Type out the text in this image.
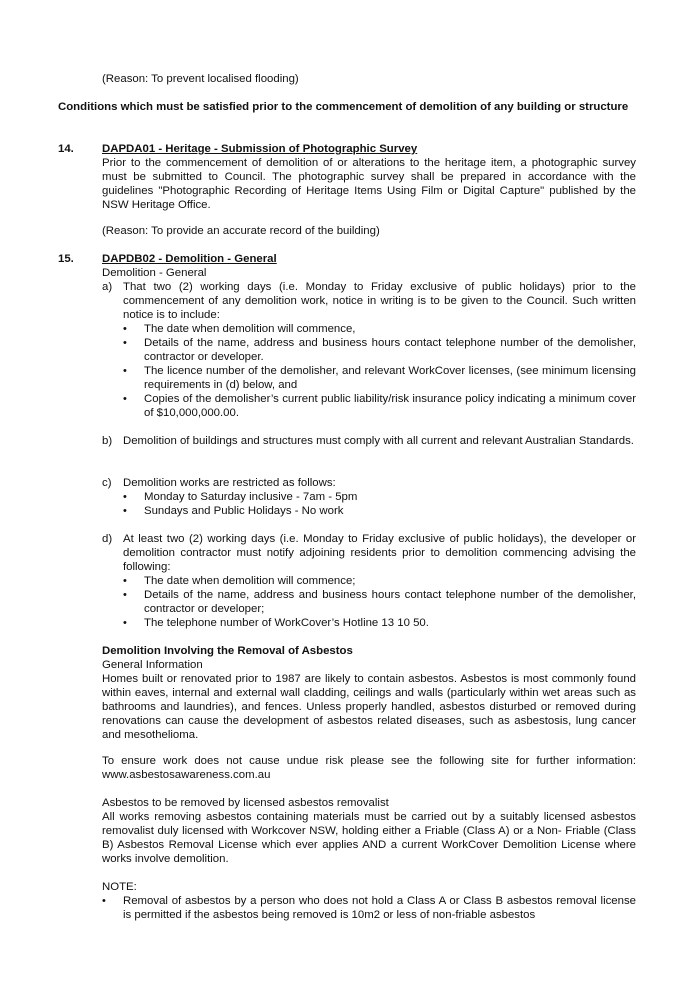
(Reason: To prevent localised flooding)

Conditions which must be satisfied prior to the commencement of demolition of any building or structure

14. DAPDA01 - Heritage - Submission of Photographic Survey

Prior to the commencement of demolition of or alterations to the heritage item, a photographic survey must be submitted to Council. The photographic survey shall be prepared in accordance with the guidelines "Photographic Recording of Heritage Items Using Film or Digital Capture" published by the NSW Heritage Office.

(Reason: To provide an accurate record of the building)

15. DAPDB02 - Demolition - General

Demolition - General

a) That two (2) working days (i.e. Monday to Friday exclusive of public holidays) prior to the commencement of any demolition work, notice in writing is to be given to the Council. Such written notice is to include:

• The date when demolition will commence,

• Details of the name, address and business hours contact telephone number of the demolisher, contractor or developer.

• The licence number of the demolisher, and relevant WorkCover licenses, (see minimum licensing requirements in (d) below, and

• Copies of the demolisher’s current public liability/risk insurance policy indicating a minimum cover of $10,000,000.00.

b) Demolition of buildings and structures must comply with all current and relevant Australian Standards.

c) Demolition works are restricted as follows:

• Monday to Saturday inclusive - 7am - 5pm

• Sundays and Public Holidays - No work

d) At least two (2) working days (i.e. Monday to Friday exclusive of public holidays), the developer or demolition contractor must notify adjoining residents prior to demolition commencing advising the following:

• The date when demolition will commence;

• Details of the name, address and business hours contact telephone number of the demolisher, contractor or developer;

• The telephone number of WorkCover’s Hotline 13 10 50.

Demolition Involving the Removal of Asbestos

General Information

Homes built or renovated prior to 1987 are likely to contain asbestos. Asbestos is most commonly found within eaves, internal and external wall cladding, ceilings and walls (particularly within wet areas such as bathrooms and laundries), and fences. Unless properly handled, asbestos disturbed or removed during renovations can cause the development of asbestos related diseases, such as asbestosis, lung cancer and mesothelioma.

To ensure work does not cause undue risk please see the following site for further information: www.asbestosawareness.com.au

Asbestos to be removed by licensed asbestos removalist

All works removing asbestos containing materials must be carried out by a suitably licensed asbestos removalist duly licensed with Workcover NSW, holding either a Friable (Class A) or a Non- Friable (Class B) Asbestos Removal License which ever applies AND a current WorkCover Demolition License where works involve demolition.

NOTE:

• Removal of asbestos by a person who does not hold a Class A or Class B asbestos removal license is permitted if the asbestos being removed is 10m2 or less of non-friable asbestos
